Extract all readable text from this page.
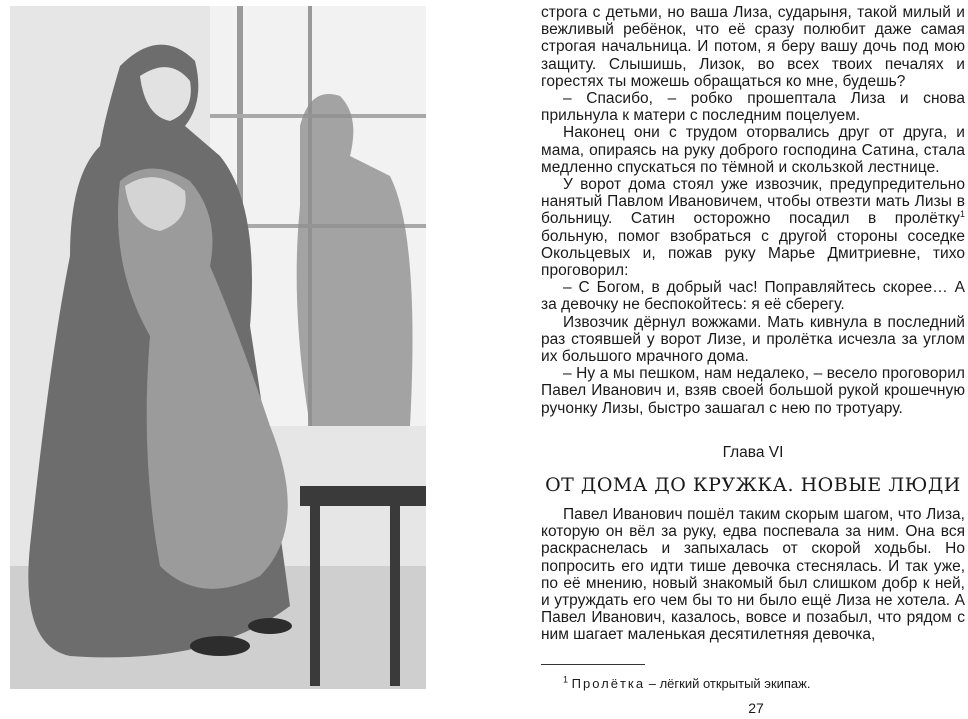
строга с детьми, но ваша Лиза, сударыня, такой милый и вежливый ребёнок, что её сразу полюбит даже самая строгая начальница. И потом, я беру вашу дочь под мою защиту. Слышишь, Лизок, во всех твоих печалях и горестях ты можешь обращаться ко мне, будешь?

– Спасибо, – робко прошептала Лиза и снова прильнула к матери с последним поцелуем.

Наконец они с трудом оторвались друг от друга, и мама, опираясь на руку доброго господина Сатина, стала медленно спускаться по тёмной и скользкой лестнице.

У ворот дома стоял уже извозчик, предупредительно нанятый Павлом Ивановичем, чтобы отвезти мать Лизы в больницу. Сатин осторожно посадил в пролётку$^1$ больную, помог взобраться с другой стороны соседке Окольцевых и, пожав руку Марье Дмитриевне, тихо проговорил:

– С Богом, в добрый час! Поправляйтесь скорее… А за девочку не беспокойтесь: я её сберегу.

Извозчик дёрнул вожжами. Мать кивнула в последний раз стоявшей у ворот Лизе, и пролётка исчезла за углом их большого мрачного дома.

– Ну а мы пешком, нам недалеко, – весело проговорил Павел Иванович и, взяв своей большой рукой крошечную ручонку Лизы, быстро зашагал с нею по тротуару.

Глава VI
ОТ ДОМА ДО КРУЖКА. НОВЫЕ ЛЮДИ

Павел Иванович пошёл таким скорым шагом, что Лиза, которую он вёл за руку, едва поспевала за ним. Она вся раскраснелась и запыхалась от скорой ходьбы. Но попросить его идти тише девочка стеснялась. И так уже, по её мнению, новый знакомый был слишком добр к ней, и утруждать его чем бы то ни было ещё Лиза не хотела. А Павел Иванович, казалось, вовсе и позабыл, что рядом с ним шагает маленькая десятилетняя девочка,

$^1$ Пролётка – лёгкий открытый экипаж.
27
